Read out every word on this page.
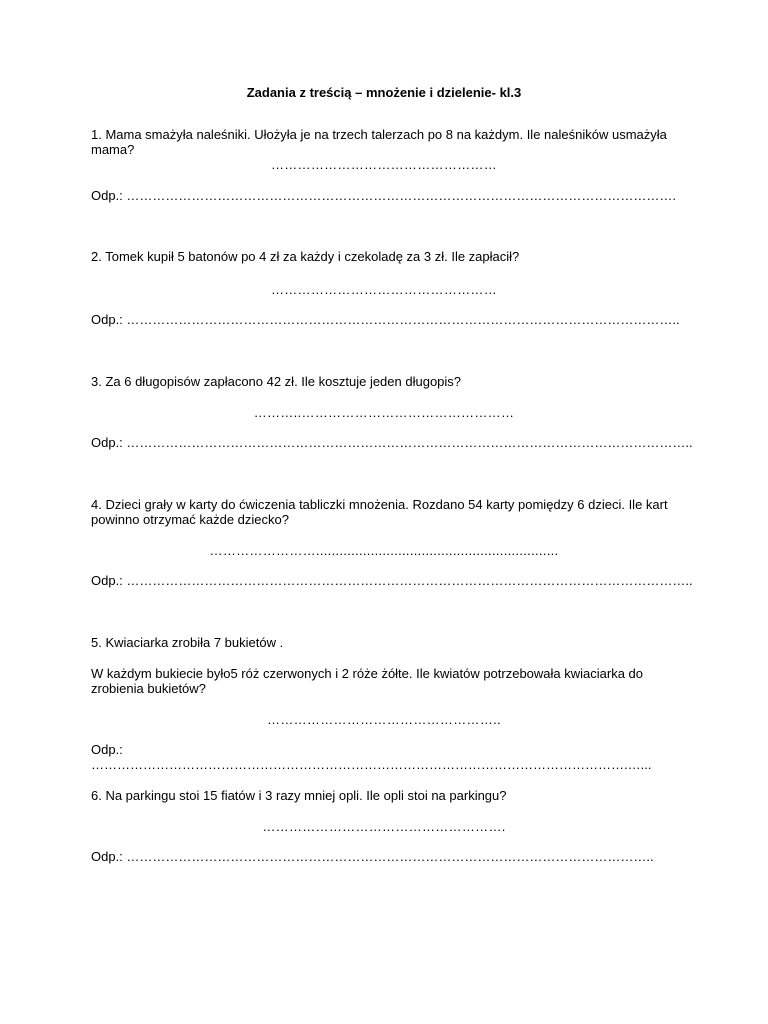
Zadania z treścią – mnożenie i dzielenie- kl.3
1. Mama smażyła naleśniki. Ułożyła je na trzech talerzach po 8 na każdym. Ile naleśników usmażyła mama?
……………………………………………
Odp.: ……………………………………………………………………………………………………………….
2. Tomek kupił 5 batonów po 4 zł za każdy i czekoladę za 3 zł. Ile zapłacił?
……………………………………………
Odp.: ………………………………………………………………………………………………………………..
3. Za 6 długopisów zapłacono 42 zł. Ile kosztuje jeden długopis?
………..…………………………………………
Odp.: …………………………………………………………………………………………………………………..
4. Dzieci grały w karty do ćwiczenia tabliczki mnożenia. Rozdano 54 karty pomiędzy 6 dzieci. Ile kart powinno otrzymać każde dziecko?
……………………..............................................................
Odp.: …………………………………………………………………………………………………………………..
5. Kwiaciarka zrobiła 7 bukietów .
W każdym bukiecie było5 róż czerwonych i 2 róże żółte. Ile kwiatów potrzebowała kwiaciarka do zrobienia bukietów?
……………………………………………..
Odp.:
…………………………………………………………………………………………………………….…...
6. Na parkingu stoi 15 fiatów i 3 razy mniej opli. Ile opli stoi na parkingu?
……………………………………………….
Odp.: …………………………………………………………………………………………………………..
